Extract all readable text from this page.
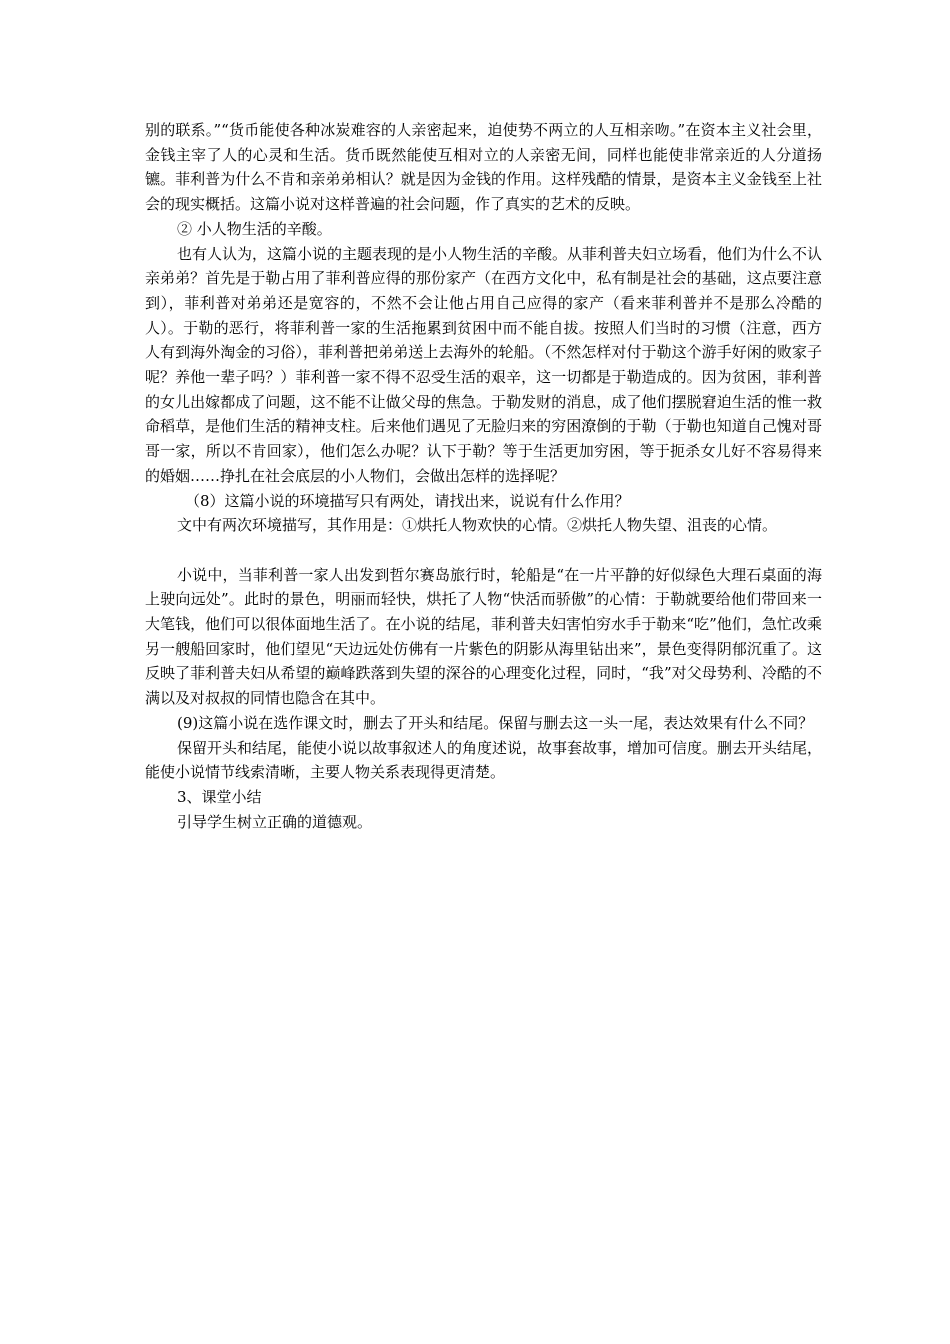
别的联系。”“货币能使各种冰炭难容的人亲密起来，迫使势不两立的人互相亲吻。”在资本主义社会里，金钱主宰了人的心灵和生活。货币既然能使互相对立的人亲密无间，同样也能使非常亲近的人分道扬镳。菲利普为什么不肯和亲弟弟相认？就是因为金钱的作用。这样残酷的情景，是资本主义金钱至上社会的现实概括。这篇小说对这样普遍的社会问题，作了真实的艺术的反映。

② 小人物生活的辛酸。

也有人认为，这篇小说的主题表现的是小人物生活的辛酸。从菲利普夫妇立场看，他们为什么不认亲弟弟？首先是于勒占用了菲利普应得的那份家产（在西方文化中，私有制是社会的基础，这点要注意到），菲利普对弟弟还是宽容的，不然不会让他占用自己应得的家产（看来菲利普并不是那么冷酷的人）。于勒的恶行，将菲利普一家的生活拖累到贫困中而不能自拔。按照人们当时的习惯（注意，西方人有到海外淘金的习俗），菲利普把弟弟送上去海外的轮船。（不然怎样对付于勒这个游手好闲的败家子呢？养他一辈子吗？）菲利普一家不得不忍受生活的艰辛，这一切都是于勒造成的。因为贫困，菲利普的女儿出嫁都成了问题，这不能不让做父母的焦急。于勒发财的消息，成了他们摆脱窘迫生活的惟一救命稻草，是他们生活的精神支柱。后来他们遇见了无脸归来的穷困潦倒的于勒（于勒也知道自己愧对哥哥一家，所以不肯回家），他们怎么办呢？认下于勒？等于生活更加穷困，等于扼杀女儿好不容易得来的婚姻……挣扎在社会底层的小人物们，会做出怎样的选择呢？

（8）这篇小说的环境描写只有两处，请找出来，说说有什么作用？

文中有两次环境描写，其作用是：①烘托人物欢快的心情。②烘托人物失望、沮丧的心情。

小说中，当菲利普一家人出发到哲尔赛岛旅行时，轮船是“在一片平静的好似绿色大理石桌面的海上驶向远处”。此时的景色，明丽而轻快，烘托了人物“快活而骄傲”的心情：于勒就要给他们带回来一大笔钱，他们可以很体面地生活了。在小说的结尾，菲利普夫妇害怕穷水手于勒来“吃”他们，急忙改乘另一艘船回家时，他们望见“天边远处仿佛有一片紫色的阴影从海里钻出来”，景色变得阴郁沉重了。这反映了菲利普夫妇从希望的巅峰跌落到失望的深谷的心理变化过程，同时，“我”对父母势利、冷酷的不满以及对叔叔的同情也隐含在其中。

(9)这篇小说在选作课文时，删去了开头和结尾。保留与删去这一头一尾，表达效果有什么不同？

保留开头和结尾，能使小说以故事叙述人的角度述说，故事套故事，增加可信度。删去开头结尾，能使小说情节线索清晰，主要人物关系表现得更清楚。

3、课堂小结

引导学生树立正确的道德观。
